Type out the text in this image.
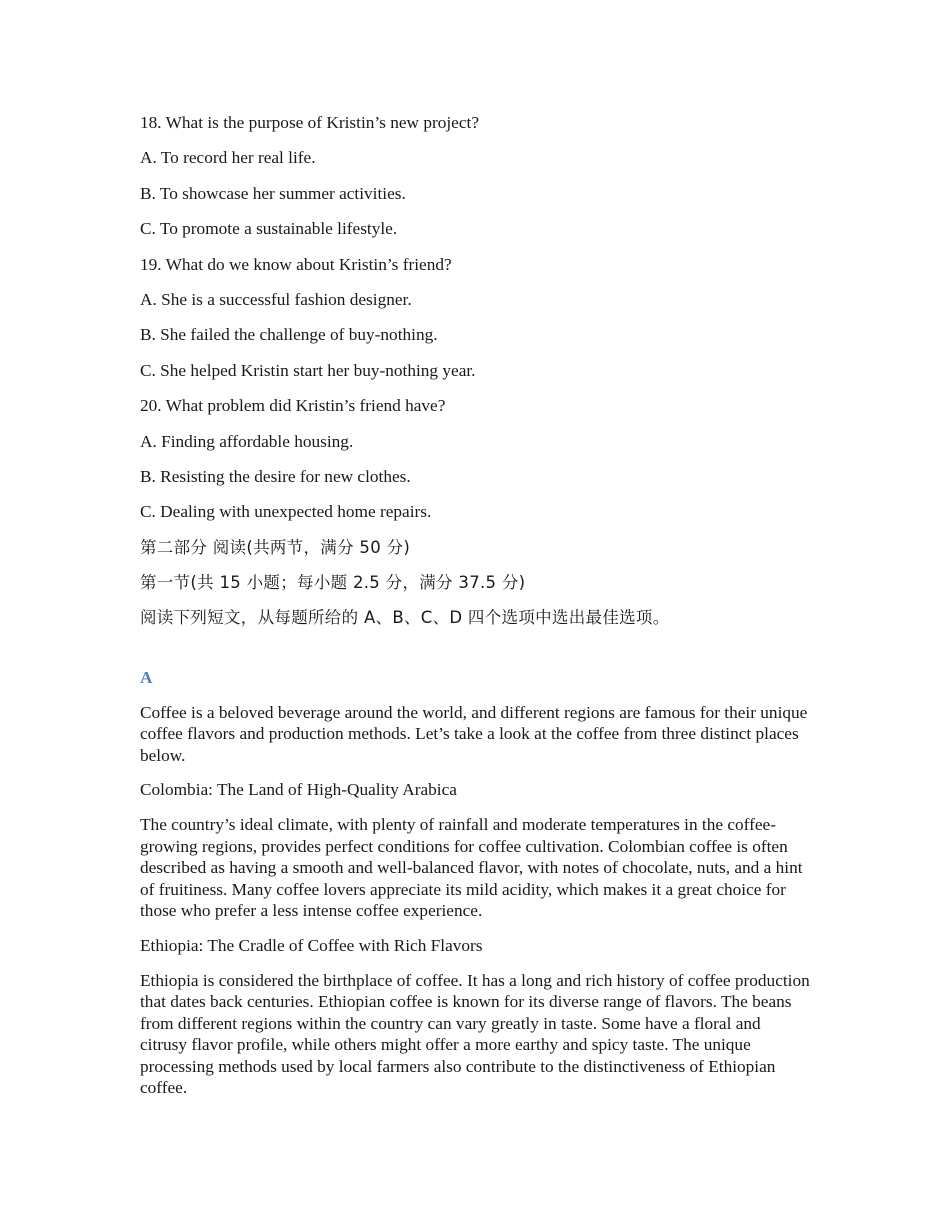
18. What is the purpose of Kristin’s new project?
A. To record her real life.
B. To showcase her summer activities.
C. To promote a sustainable lifestyle.
19. What do we know about Kristin’s friend?
A. She is a successful fashion designer.
B. She failed the challenge of buy-nothing.
C. She helped Kristin start her buy-nothing year.
20. What problem did Kristin’s friend have?
A. Finding affordable housing.
B. Resisting the desire for new clothes.
C. Dealing with unexpected home repairs.
第二部分 阅读(共两节，满分 50 分)
第一节(共 15 小题；每小题 2.5 分，满分 37.5 分)
阅读下列短文，从每题所给的 A、B、C、D 四个选项中选出最佳选项。
A

Coffee is a beloved beverage around the world, and different regions are famous for their unique coffee flavors and production methods. Let’s take a look at the coffee from three distinct places below.

Colombia: The Land of High-Quality Arabica

The country’s ideal climate, with plenty of rainfall and moderate temperatures in the coffee-growing regions, provides perfect conditions for coffee cultivation. Colombian coffee is often described as having a smooth and well-balanced flavor, with notes of chocolate, nuts, and a hint of fruitiness. Many coffee lovers appreciate its mild acidity, which makes it a great choice for those who prefer a less intense coffee experience.

Ethiopia: The Cradle of Coffee with Rich Flavors

Ethiopia is considered the birthplace of coffee. It has a long and rich history of coffee production that dates back centuries. Ethiopian coffee is known for its diverse range of flavors. The beans from different regions within the country can vary greatly in taste. Some have a floral and citrusy flavor profile, while others might offer a more earthy and spicy taste. The unique processing methods used by local farmers also contribute to the distinctiveness of Ethiopian coffee.
